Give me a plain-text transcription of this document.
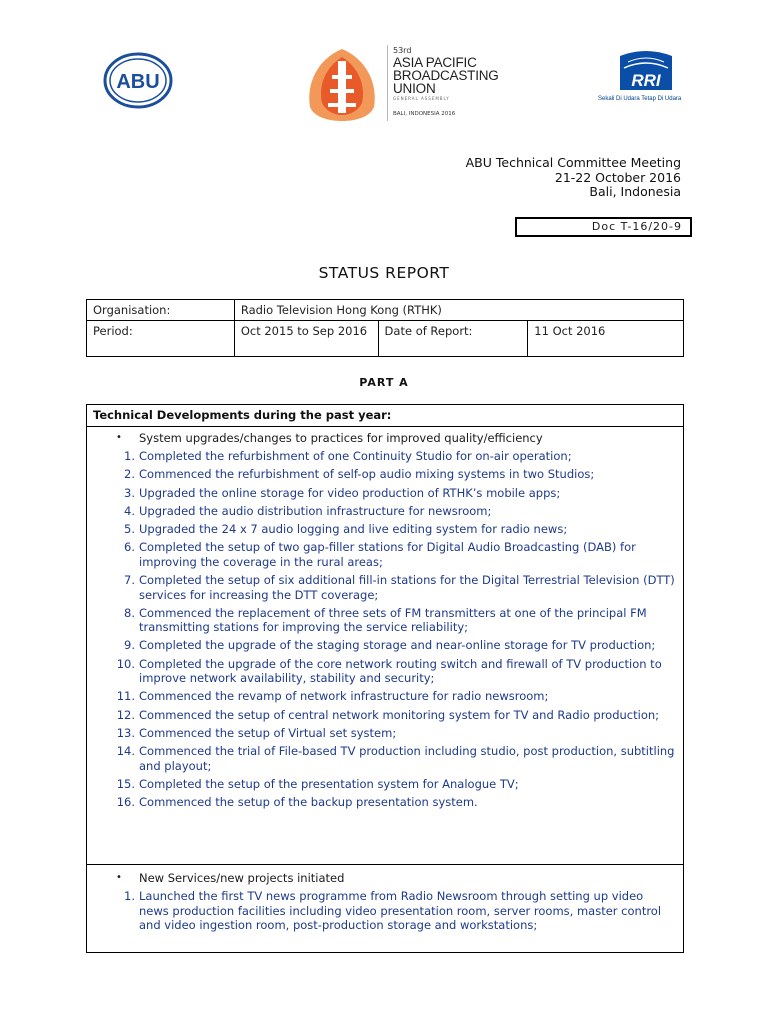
ABU
53rd
ASIA PACIFIC
BROADCASTING
UNION
GENERAL ASSEMBLY
BALI, INDONESIA 2016
RRI
Sekali Di Udara Tetap Di Udara
ABU Technical Committee Meeting
21-22 October 2016
Bali, Indonesia
Doc T-16/20-9
STATUS REPORT
Organisation:	Radio Television Hong Kong (RTHK)		
Period:	Oct 2015 to Sep 2016	Date of Report:	11 Oct 2016
PART A
Technical Developments during the past year:
•	System upgrades/changes to practices for improved quality/efficiency
1. Completed the refurbishment of one Continuity Studio for on-air operation;
2. Commenced the refurbishment of self-op audio mixing systems in two Studios;
3. Upgraded the online storage for video production of RTHK’s mobile apps;
4. Upgraded the audio distribution infrastructure for newsroom;
5. Upgraded the 24 x 7 audio logging and live editing system for radio news;
6. Completed the setup of two gap-filler stations for Digital Audio Broadcasting (DAB) for improving the coverage in the rural areas;
7. Completed the setup of six additional fill-in stations for the Digital Terrestrial Television (DTT) services for increasing the DTT coverage;
8. Commenced the replacement of three sets of FM transmitters at one of the principal FM transmitting stations for improving the service reliability;
9. Completed the upgrade of the staging storage and near-online storage for TV production;
10. Completed the upgrade of the core network routing switch and firewall of TV production to improve network availability, stability and security;
11. Commenced the revamp of network infrastructure for radio newsroom;
12. Commenced the setup of central network monitoring system for TV and Radio production;
13. Commenced the setup of Virtual set system;
14. Commenced the trial of File-based TV production including studio, post production, subtitling and playout;
15. Completed the setup of the presentation system for Analogue TV;
16. Commenced the setup of the backup presentation system.
•	New Services/new projects initiated
1. Launched the first TV news programme from Radio Newsroom through setting up video news production facilities including video presentation room, server rooms, master control and video ingestion room, post-production storage and workstations;
